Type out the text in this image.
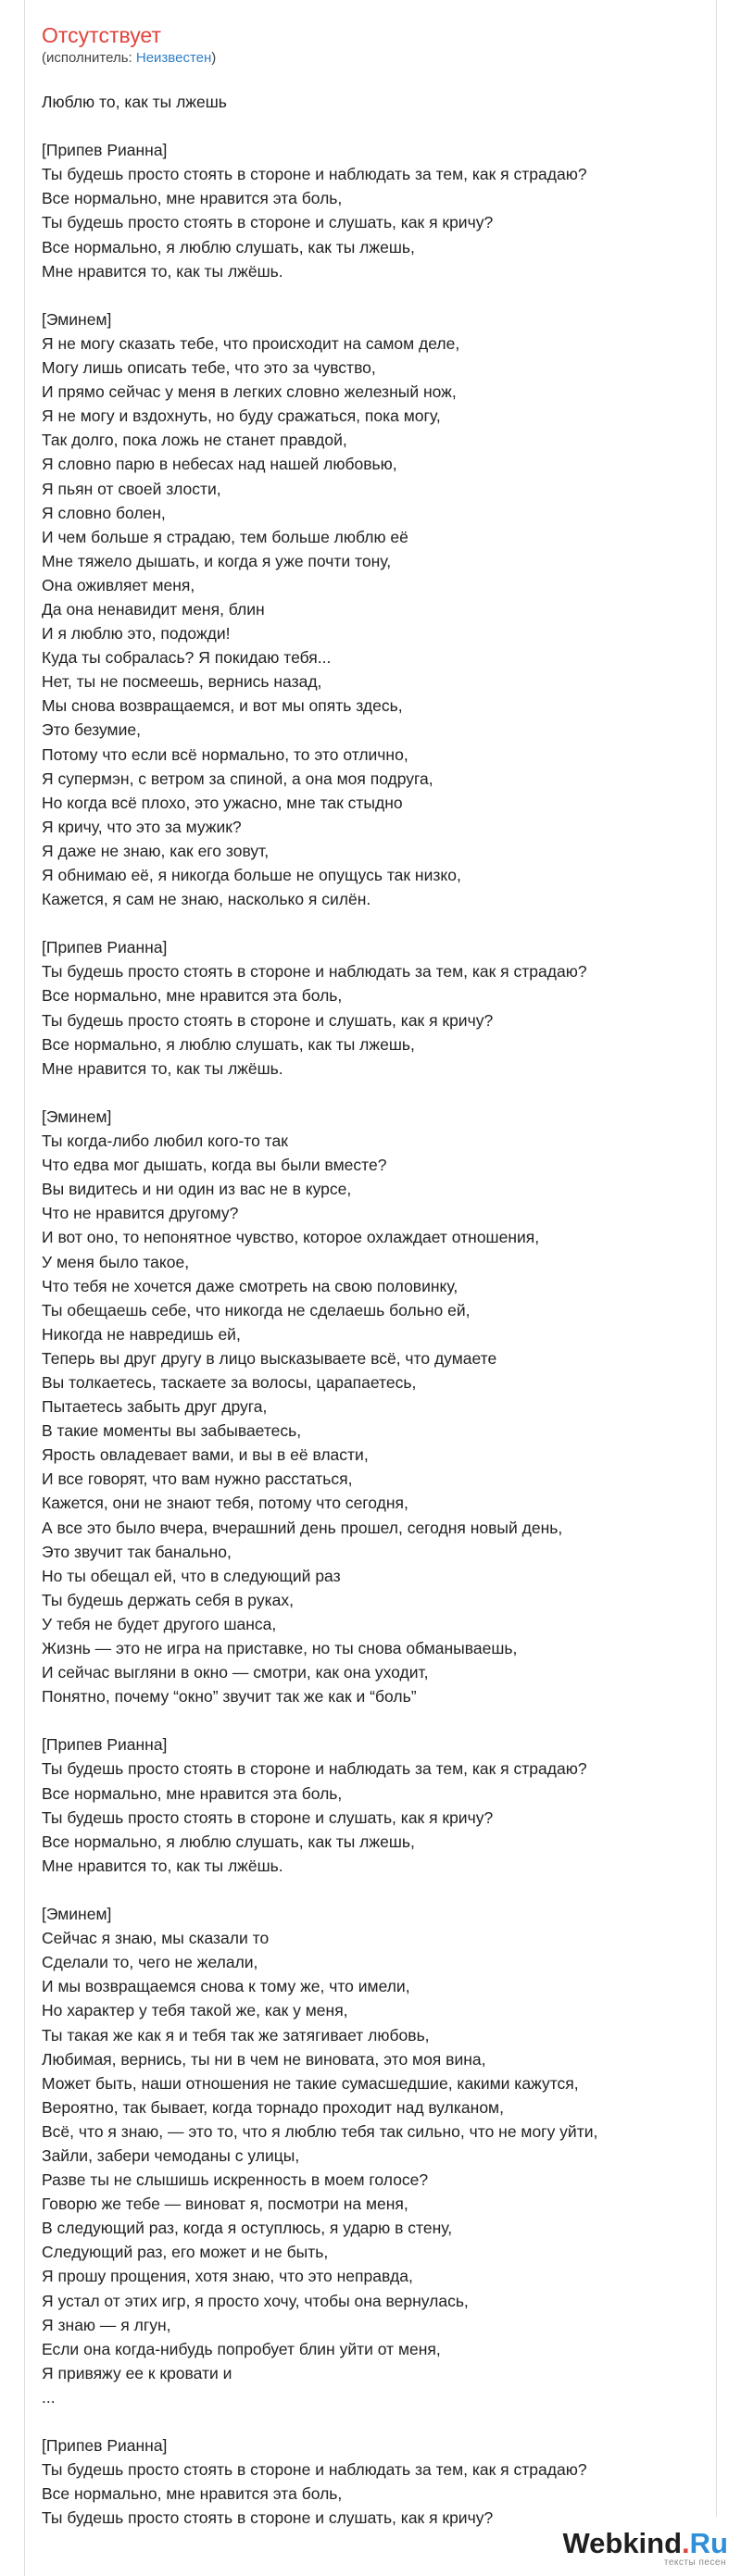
Отсутствует
(исполнитель: Неизвестен)
Люблю то, как ты лжешь
[Припев Рианна]
Ты будешь просто стоять в стороне и наблюдать за тем, как я страдаю?
Все нормально, мне нравится эта боль,
Ты будешь просто стоять в стороне и слушать, как я кричу?
Все нормально, я люблю слушать, как ты лжешь,
Мне нравится то, как ты лжёшь.
[Эминем]
Я не могу сказать тебе, что происходит на самом деле,
Могу лишь описать тебе, что это за чувство,
И прямо сейчас у меня в легких словно железный нож,
Я не могу и вздохнуть, но буду сражаться, пока могу,
Так долго, пока ложь не станет правдой,
Я словно парю в небесах над нашей любовью,
Я пьян от своей злости,
Я словно болен,
И чем больше я страдаю, тем больше люблю её
Мне тяжело дышать, и когда я уже почти тону,
Она оживляет меня,
Да она ненавидит меня, блин
И я люблю это, подожди!
Куда ты собралась? Я покидаю тебя...
Нет, ты не посмеешь, вернись назад,
Мы снова возвращаемся, и вот мы опять здесь,
Это безумие,
Потому что если всё нормально, то это отлично,
Я супермэн, с ветром за спиной, а она моя подруга,
Но когда всё плохо, это ужасно, мне так стыдно
Я кричу, что это за мужик?
Я даже не знаю, как его зовут,
Я обнимаю её, я никогда больше не опущусь так низко,
Кажется, я сам не знаю, насколько я силён.
[Припев Рианна]
Ты будешь просто стоять в стороне и наблюдать за тем, как я страдаю?
Все нормально, мне нравится эта боль,
Ты будешь просто стоять в стороне и слушать, как я кричу?
Все нормально, я люблю слушать, как ты лжешь,
Мне нравится то, как ты лжёшь.
[Эминем]
Ты когда-либо любил кого-то так
Что едва мог дышать, когда вы были вместе?
Вы видитесь и ни один из вас не в курсе,
Что не нравится другому?
И вот оно, то непонятное чувство, которое охлаждает отношения,
У меня было такое,
Что тебя не хочется даже смотреть на свою половинку,
Ты обещаешь себе, что никогда не сделаешь больно ей,
Никогда не навредишь ей,
Теперь вы друг другу в лицо высказываете всё, что думаете
Вы толкаетесь, таскаете за волосы, царапаетесь,
Пытаетесь забыть друг друга,
В такие моменты вы забываетесь,
Ярость овладевает вами, и вы в её власти,
И все говорят, что вам нужно расстаться,
Кажется, они не знают тебя, потому что сегодня,
А все это было вчера, вчерашний день прошел, сегодня новый день,
Это звучит так банально,
Но ты обещал ей, что в следующий раз
Ты будешь держать себя в руках,
У тебя не будет другого шанса,
Жизнь — это не игра на приставке, но ты снова обманываешь,
И сейчас выгляни в окно — смотри, как она уходит,
Понятно, почему “окно” звучит так же как и “боль”
[Припев Рианна]
Ты будешь просто стоять в стороне и наблюдать за тем, как я страдаю?
Все нормально, мне нравится эта боль,
Ты будешь просто стоять в стороне и слушать, как я кричу?
Все нормально, я люблю слушать, как ты лжешь,
Мне нравится то, как ты лжёшь.
[Эминем]
Сейчас я знаю, мы сказали то
Сделали то, чего не желали,
И мы возвращаемся снова к тому же, что имели,
Но характер у тебя такой же, как у меня,
Ты такая же как я и тебя так же затягивает любовь,
Любимая, вернись, ты ни в чем не виновата, это моя вина,
Может быть, наши отношения не такие сумасшедшие, какими кажутся,
Вероятно, так бывает, когда торнадо проходит над вулканом,
Всё, что я знаю, — это то, что я люблю тебя так сильно, что не могу уйти,
Зайли, забери чемоданы с улицы,
Разве ты не слышишь искренность в моем голосе?
Говорю же тебе — виноват я, посмотри на меня,
В следующий раз, когда я оступлюсь, я ударю в стену,
Следующий раз, его может и не быть,
Я прошу прощения, хотя знаю, что это неправда,
Я устал от этих игр, я просто хочу, чтобы она вернулась,
Я знаю — я лгун,
Если она когда-нибудь попробует блин уйти от меня,
Я привяжу ее к кровати и
...
[Припев Рианна]
Ты будешь просто стоять в стороне и наблюдать за тем, как я страдаю?
Все нормально, мне нравится эта боль,
Ты будешь просто стоять в стороне и слушать, как я кричу?
Webkind.Ru
тексты песен
